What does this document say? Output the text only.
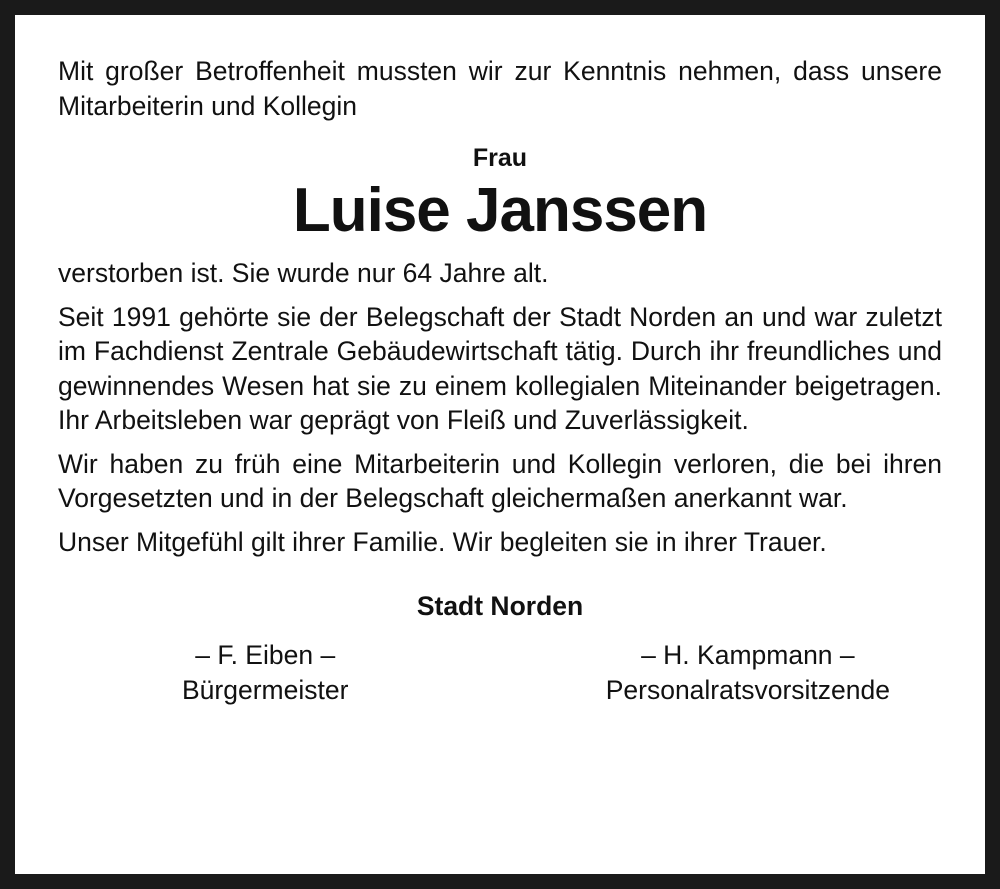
Mit großer Betroffenheit mussten wir zur Kenntnis nehmen, dass unsere Mitarbeiterin und Kollegin

Frau

Luise Janssen

verstorben ist. Sie wurde nur 64 Jahre alt.

Seit 1991 gehörte sie der Belegschaft der Stadt Norden an und war zuletzt im Fachdienst Zentrale Gebäudewirtschaft tätig. Durch ihr freundliches und gewinnendes Wesen hat sie zu einem kollegialen Miteinander beigetragen. Ihr Arbeitsleben war geprägt von Fleiß und Zuverlässigkeit.

Wir haben zu früh eine Mitarbeiterin und Kollegin verloren, die bei ihren Vorgesetzten und in der Belegschaft gleichermaßen anerkannt war.

Unser Mitgefühl gilt ihrer Familie. Wir begleiten sie in ihrer Trauer.

Stadt Norden

– F. Eiben –
Bürgermeister
– H. Kampmann –
Personalratsvorsitzende
